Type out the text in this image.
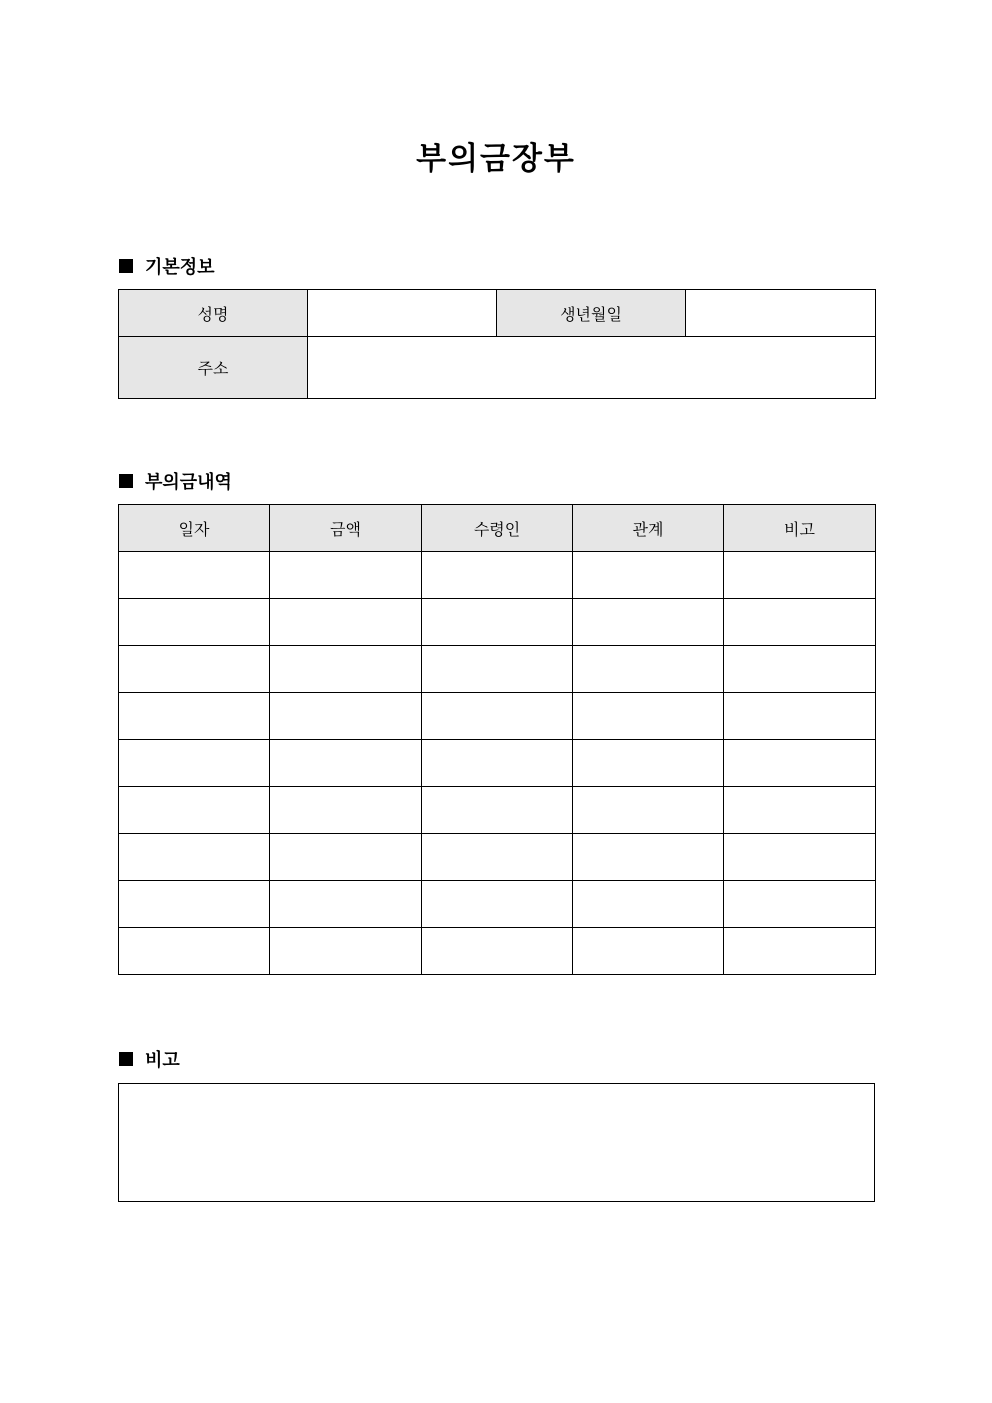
부의금장부
기본정보
성명		생년월일	
주소			
부의금내역
일자	금액	수령인	관계	비고

비고
